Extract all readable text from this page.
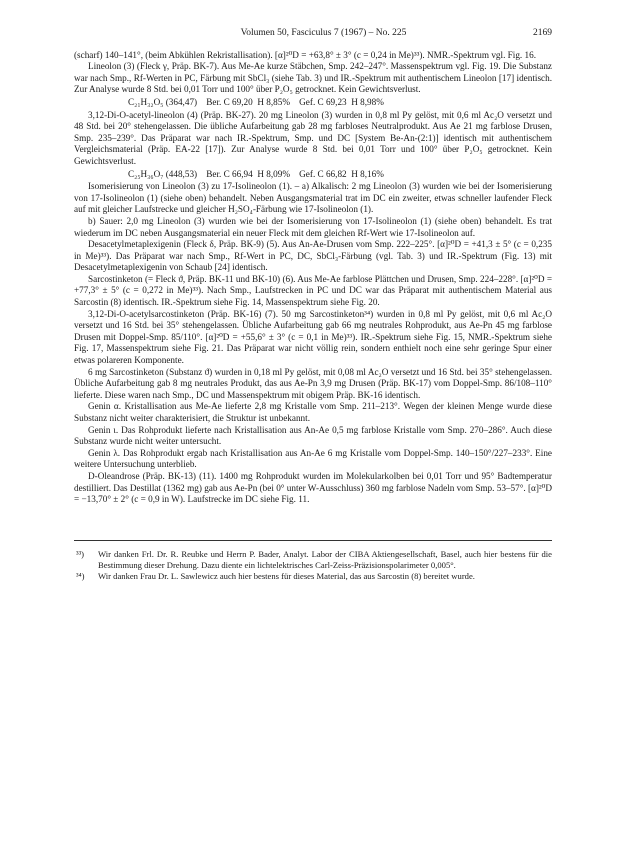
Volumen 50, Fasciculus 7 (1967) – No. 225	2169

(scharf) 140–141°, (beim Abkühlen Rekristallisation). [α]²⁰D = +63,8° ± 3° (c = 0,24 in Me)³³). NMR.-Spektrum vgl. Fig. 16.

Lineolon (3) (Fleck γ, Präp. BK-7). Aus Me-Ae kurze Stäbchen, Smp. 242–247°. Massenspektrum vgl. Fig. 19. Die Substanz war nach Smp., Rf-Werten in PC, Färbung mit SbCl₃ (siehe Tab. 3) und IR.-Spektrum mit authentischem Lineolon [17] identisch. Zur Analyse wurde 8 Std. bei 0,01 Torr und 100° über P₂O₅ getrocknet. Kein Gewichtsverlust.

C₂₁H₃₂O₅ (364,47)    Ber. C 69,20  H 8,85%    Gef. C 69,23  H 8,98%

3,12-Di-O-acetyl-lineolon (4) (Präp. BK-27). 20 mg Lineolon (3) wurden in 0,8 ml Py gelöst, mit 0,6 ml Ac₂O versetzt und 48 Std. bei 20° stehengelassen. Die übliche Aufarbeitung gab 28 mg farbloses Neutralprodukt. Aus Ae 21 mg farblose Drusen, Smp. 235–239°. Das Präparat war nach IR.-Spektrum, Smp. und DC [System Be-An-(2:1)] identisch mit authentischem Vergleichsmaterial (Präp. EA-22 [17]). Zur Analyse wurde 8 Std. bei 0,01 Torr und 100° über P₂O₅ getrocknet. Kein Gewichtsverlust.

C₂₅H₃₆O₇ (448,53)    Ber. C 66,94  H 8,09%    Gef. C 66,82  H 8,16%

Isomerisierung von Lineolon (3) zu 17-Isolineolon (1). – a) Alkalisch: 2 mg Lineolon (3) wurden wie bei der Isomerisierung von 17-Isolineolon (1) (siehe oben) behandelt. Neben Ausgangsmaterial trat im DC ein zweiter, etwas schneller laufender Fleck auf mit gleicher Laufstrecke und gleicher H₂SO₄-Färbung wie 17-Isolineolon (1).

b) Sauer: 2,0 mg Lineolon (3) wurden wie bei der Isomerisierung von 17-Isolineolon (1) (siehe oben) behandelt. Es trat wiederum im DC neben Ausgangsmaterial ein neuer Fleck mit dem gleichen Rf-Wert wie 17-Isolineolon auf.

Desacetylmetaplexigenin (Fleck δ, Präp. BK-9) (5). Aus An-Ae-Drusen vom Smp. 222–225°. [α]²⁰D = +41,3 ± 5° (c = 0,235 in Me)³³). Das Präparat war nach Smp., Rf-Wert in PC, DC, SbCl₃-Färbung (vgl. Tab. 3) und IR.-Spektrum (Fig. 13) mit Desacetylmetaplexigenin von Schaub [24] identisch.

Sarcostinketon (= Fleck ϑ, Präp. BK-11 und BK-10) (6). Aus Me-Ae farblose Plättchen und Drusen, Smp. 224–228°. [α]²⁰D = +77,3° ± 5° (c = 0,272 in Me)³³). Nach Smp., Laufstrecken in PC und DC war das Präparat mit authentischem Material aus Sarcostin (8) identisch. IR.-Spektrum siehe Fig. 14, Massenspektrum siehe Fig. 20.

3,12-Di-O-acetylsarcostinketon (Präp. BK-16) (7). 50 mg Sarcostinketon³⁴) wurden in 0,8 ml Py gelöst, mit 0,6 ml Ac₂O versetzt und 16 Std. bei 35° stehengelassen. Übliche Aufarbeitung gab 66 mg neutrales Rohprodukt, aus Ae-Pn 45 mg farblose Drusen mit Doppel-Smp. 85/110°. [α]²⁰D = +55,6° ± 3° (c = 0,1 in Me)³³). IR.-Spektrum siehe Fig. 15, NMR.-Spektrum siehe Fig. 17, Massenspektrum siehe Fig. 21. Das Präparat war nicht völlig rein, sondern enthielt noch eine sehr geringe Spur einer etwas polareren Komponente.

6 mg Sarcostinketon (Substanz ϑ) wurden in 0,18 ml Py gelöst, mit 0,08 ml Ac₂O versetzt und 16 Std. bei 35° stehengelassen. Übliche Aufarbeitung gab 8 mg neutrales Produkt, das aus Ae-Pn 3,9 mg Drusen (Präp. BK-17) vom Doppel-Smp. 86/108–110° lieferte. Diese waren nach Smp., DC und Massenspektrum mit obigem Präp. BK-16 identisch.

Genin α. Kristallisation aus Me-Ae lieferte 2,8 mg Kristalle vom Smp. 211–213°. Wegen der kleinen Menge wurde diese Substanz nicht weiter charakterisiert, die Struktur ist unbekannt.

Genin ι. Das Rohprodukt lieferte nach Kristallisation aus An-Ae 0,5 mg farblose Kristalle vom Smp. 270–286°. Auch diese Substanz wurde nicht weiter untersucht.

Genin λ. Das Rohprodukt ergab nach Kristallisation aus An-Ae 6 mg Kristalle vom Doppel-Smp. 140–150°/227–233°. Eine weitere Untersuchung unterblieb.

D-Oleandrose (Präp. BK-13) (11). 1400 mg Rohprodukt wurden im Molekularkolben bei 0,01 Torr und 95° Badtemperatur destilliert. Das Destillat (1362 mg) gab aus Ae-Pn (bei 0° unter W-Ausschluss) 360 mg farblose Nadeln vom Smp. 53–57°. [α]²⁰D = −13,70° ± 2° (c = 0,9 in W). Laufstrecke im DC siehe Fig. 11.

³³)	Wir danken Frl. Dr. R. Reubke und Herrn P. Bader, Analyt. Labor der CIBA Aktiengesellschaft, Basel, auch hier bestens für die Bestimmung dieser Drehung. Dazu diente ein lichtelektrisches Carl-Zeiss-Präzisionspolarimeter 0,005°.
³⁴)	Wir danken Frau Dr. L. Sawlewicz auch hier bestens für dieses Material, das aus Sarcostin (8) bereitet wurde.
